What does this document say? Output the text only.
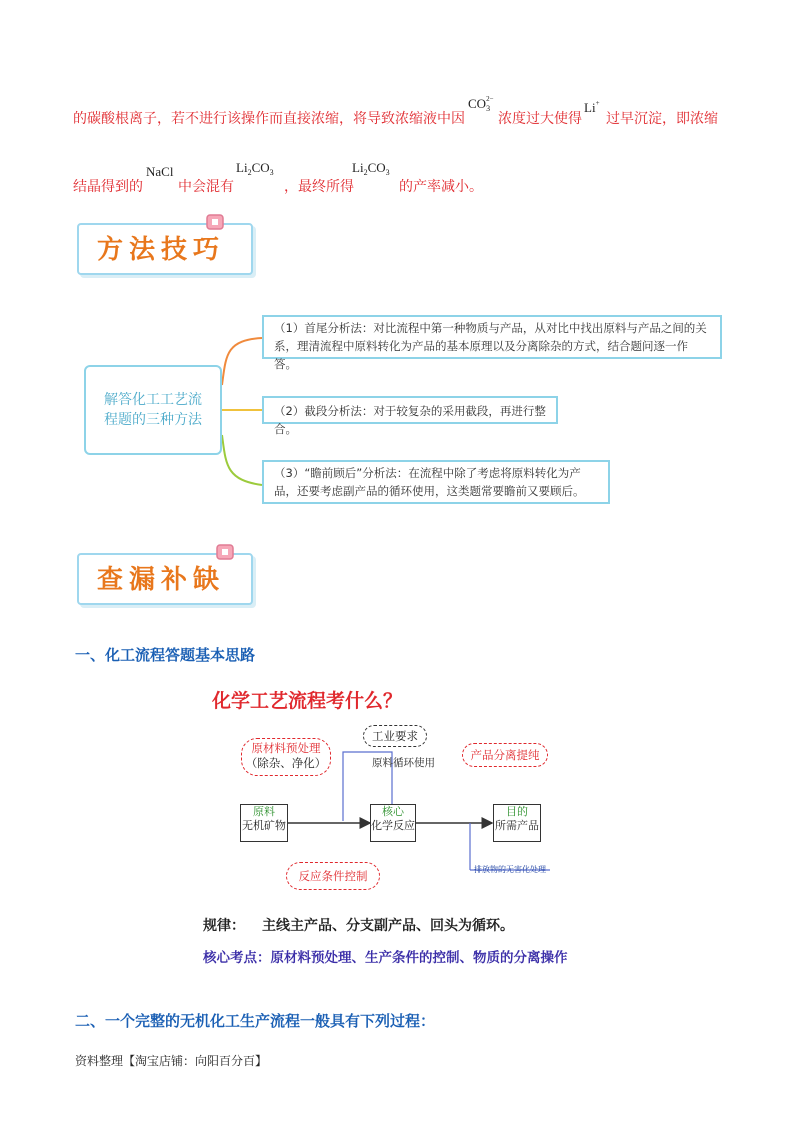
的碳酸根离子，若不进行该操作而直接浓缩，将导致浓缩液中因
$CO_3^{2-}$
浓度过大使得
Li+
过早沉淀，即浓缩
结晶得到的
NaCl
中会混有
$Li_2CO_3$
，最终所得
$Li_2CO_3$
的产率减小。
方法技巧
解答化工工艺流程题的三种方法
（1）首尾分析法：对比流程中第一种物质与产品，从对比中找出原料与产品之间的关系，理清流程中原料转化为产品的基本原理以及分离除杂的方式，结合题问逐一作答。
（2）截段分析法：对于较复杂的采用截段，再进行整合。
（3）“瞻前顾后”分析法：在流程中除了考虑将原料转化为产品，还要考虑副产品的循环使用，这类题常要瞻前又要顾后。
查漏补缺
一、化工流程答题基本思路
化学工艺流程考什么？
原材料预处理
（除杂、净化）
工业要求
原料循环使用
产品分离提纯
原料
无机矿物
核心
化学反应
目的
所需产品
排放物的无害化处理
反应条件控制
规律： 主线主产品、分支副产品、回头为循环。
核心考点：原材料预处理、生产条件的控制、物质的分离操作
二、一个完整的无机化工生产流程一般具有下列过程：
资料整理【淘宝店铺：向阳百分百】
